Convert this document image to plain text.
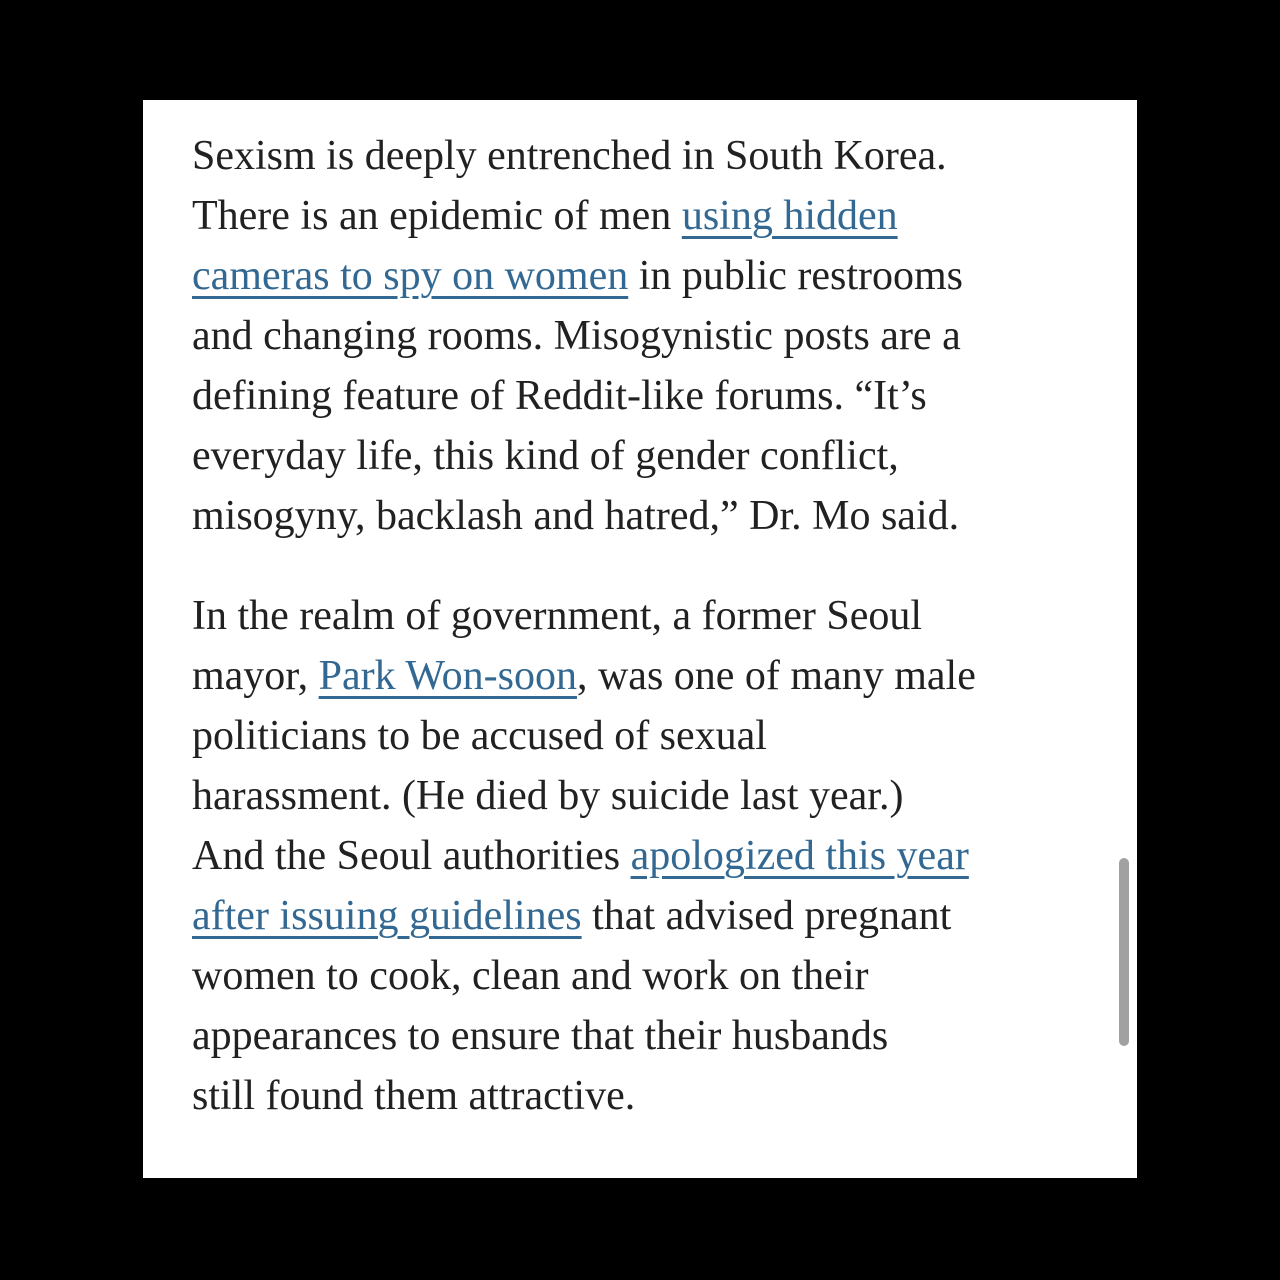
Sexism is deeply entrenched in South Korea.
There is an epidemic of men using hidden
cameras to spy on women in public restrooms
and changing rooms. Misogynistic posts are a
defining feature of Reddit-like forums. “It’s
everyday life, this kind of gender conflict,
misogyny, backlash and hatred,” Dr. Mo said.
In the realm of government, a former Seoul
mayor, Park Won-soon, was one of many male
politicians to be accused of sexual
harassment. (He died by suicide last year.)
And the Seoul authorities apologized this year
after issuing guidelines that advised pregnant
women to cook, clean and work on their
appearances to ensure that their husbands
still found them attractive.
